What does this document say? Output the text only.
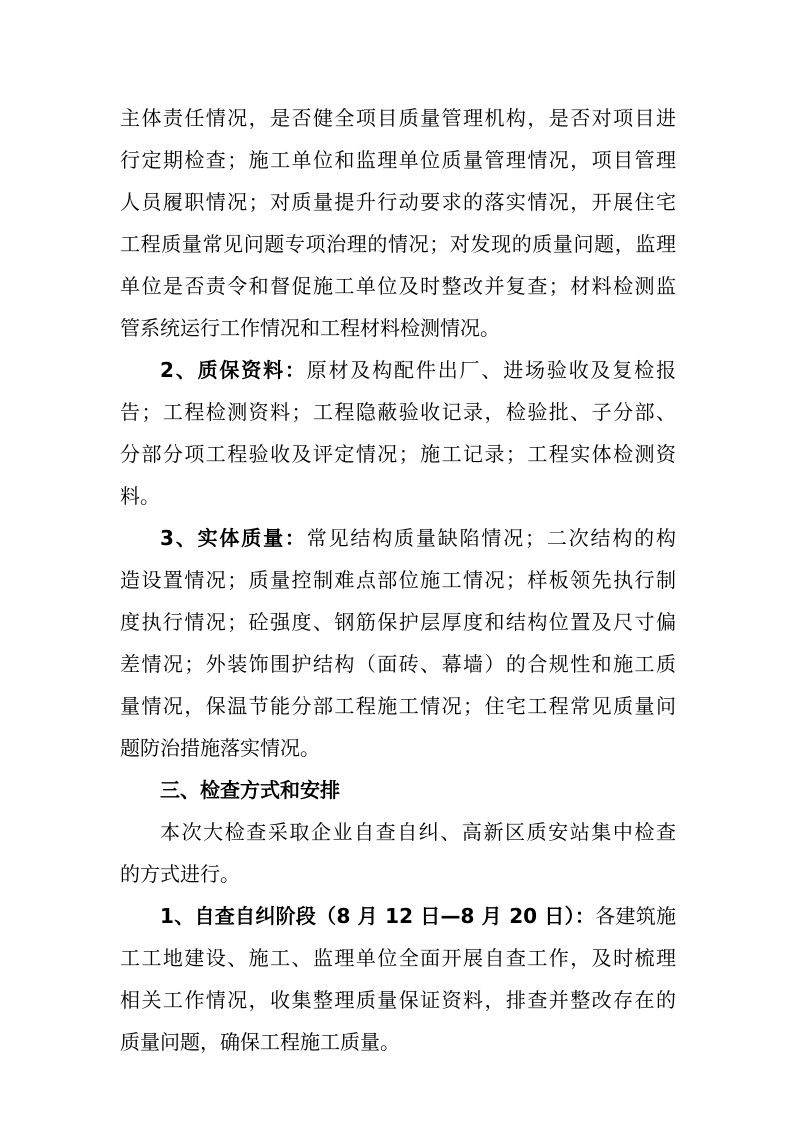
主体责任情况，是否健全项目质量管理机构，是否对项目进
行定期检查；施工单位和监理单位质量管理情况，项目管理
人员履职情况；对质量提升行动要求的落实情况，开展住宅
工程质量常见问题专项治理的情况；对发现的质量问题，监理
单位是否责令和督促施工单位及时整改并复查；材料检测监
管系统运行工作情况和工程材料检测情况。
2、质保资料：原材及构配件出厂、进场验收及复检报
告；工程检测资料；工程隐蔽验收记录，检验批、子分部、
分部分项工程验收及评定情况；施工记录；工程实体检测资
料。
3、实体质量：常见结构质量缺陷情况；二次结构的构
造设置情况；质量控制难点部位施工情况；样板领先执行制
度执行情况；砼强度、钢筋保护层厚度和结构位置及尺寸偏
差情况；外装饰围护结构（面砖、幕墙）的合规性和施工质
量情况，保温节能分部工程施工情况；住宅工程常见质量问
题防治措施落实情况。
三、检查方式和安排
本次大检查采取企业自查自纠、高新区质安站集中检查
的方式进行。
1、自查自纠阶段（8 月 12 日—8 月 20 日）：各建筑施
工工地建设、施工、监理单位全面开展自查工作，及时梳理
相关工作情况，收集整理质量保证资料，排查并整改存在的
质量问题，确保工程施工质量。
